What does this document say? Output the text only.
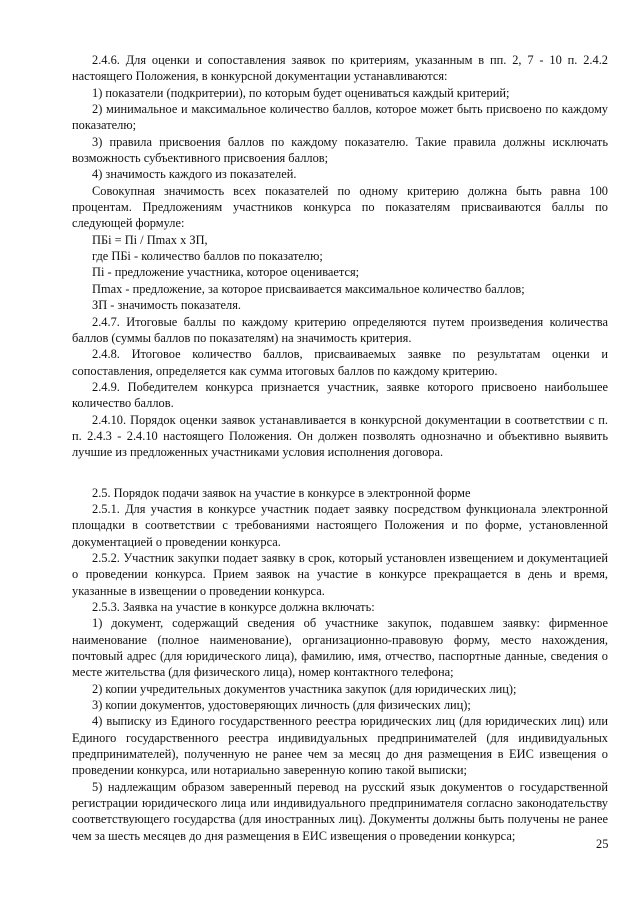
2.4.6. Для оценки и сопоставления заявок по критериям, указанным в пп. 2, 7 - 10 п. 2.4.2 настоящего Положения, в конкурсной документации устанавливаются:

1) показатели (подкритерии), по которым будет оцениваться каждый критерий;

2) минимальное и максимальное количество баллов, которое может быть присвоено по каждому показателю;

3) правила присвоения баллов по каждому показателю. Такие правила должны исключать возможность субъективного присвоения баллов;

4) значимость каждого из показателей.

Совокупная значимость всех показателей по одному критерию должна быть равна 100 процентам. Предложениям участников конкурса по показателям присваиваются баллы по следующей формуле:

ПБi = Пi / Пmax x ЗП,

где ПБi - количество баллов по показателю;

Пi - предложение участника, которое оценивается;

Пmax - предложение, за которое присваивается максимальное количество баллов;

ЗП - значимость показателя.

2.4.7. Итоговые баллы по каждому критерию определяются путем произведения количества баллов (суммы баллов по показателям) на значимость критерия.

2.4.8. Итоговое количество баллов, присваиваемых заявке по результатам оценки и сопоставления, определяется как сумма итоговых баллов по каждому критерию.

2.4.9. Победителем конкурса признается участник, заявке которого присвоено наибольшее количество баллов.

2.4.10. Порядок оценки заявок устанавливается в конкурсной документации в соответствии с п. п. 2.4.3 - 2.4.10 настоящего Положения. Он должен позволять однозначно и объективно выявить лучшие из предложенных участниками условия исполнения договора.

2.5. Порядок подачи заявок на участие в конкурсе в электронной форме

2.5.1. Для участия в конкурсе участник подает заявку посредством функционала электронной площадки в соответствии с требованиями настоящего Положения и по форме, установленной документацией о проведении конкурса.

2.5.2. Участник закупки подает заявку в срок, который установлен извещением и документацией о проведении конкурса. Прием заявок на участие в конкурсе прекращается в день и время, указанные в извещении о проведении конкурса.

2.5.3. Заявка на участие в конкурсе должна включать:

1) документ, содержащий сведения об участнике закупок, подавшем заявку: фирменное наименование (полное наименование), организационно-правовую форму, место нахождения, почтовый адрес (для юридического лица), фамилию, имя, отчество, паспортные данные, сведения о месте жительства (для физического лица), номер контактного телефона;

2) копии учредительных документов участника закупок (для юридических лиц);

3) копии документов, удостоверяющих личность (для физических лиц);

4) выписку из Единого государственного реестра юридических лиц (для юридических лиц) или Единого государственного реестра индивидуальных предпринимателей (для индивидуальных предпринимателей), полученную не ранее чем за месяц до дня размещения в ЕИС извещения о проведении конкурса, или нотариально заверенную копию такой выписки;

5) надлежащим образом заверенный перевод на русский язык документов о государственной регистрации юридического лица или индивидуального предпринимателя согласно законодательству соответствующего государства (для иностранных лиц). Документы должны быть получены не ранее чем за шесть месяцев до дня размещения в ЕИС извещения о проведении конкурса;

25
